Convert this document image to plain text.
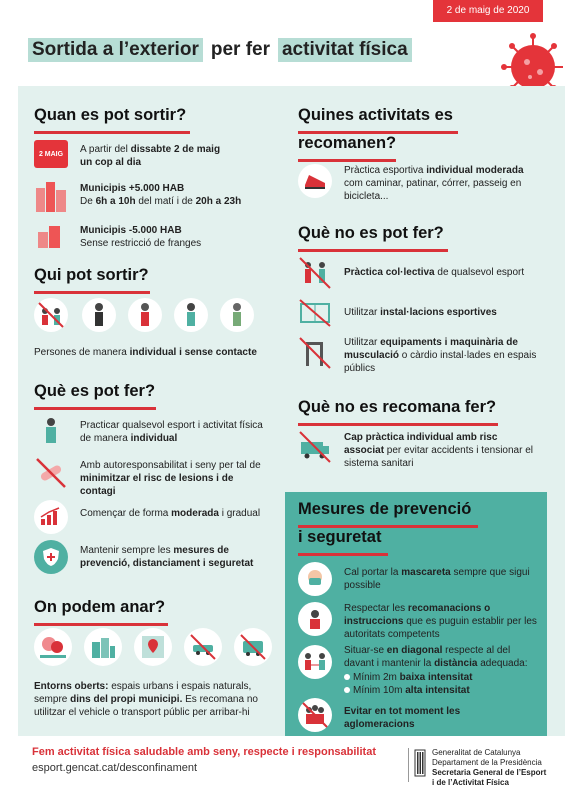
2 de maig de 2020
Sortida a l’exterior per fer activitat física
Quan es pot sortir?
2 MAIG A partir del dissabte 2 de maig
un cop al dia
Municipis +5.000 HAB
De 6h a 10h del matí i de 20h a 23h
Municipis -5.000 HAB
Sense restricció de franges
Qui pot sortir?
Persones de manera individual i sense contacte
Què es pot fer?
Practicar qualsevol esport i activitat física de manera individual
Amb autoresponsabilitat i seny per tal de minimitzar el risc de lesions i de contagi
Començar de forma moderada i gradual
Mantenir sempre les mesures de prevenció, distanciament i seguretat
On podem anar?
Entorns oberts: espais urbans i espais naturals, sempre dins del propi municipi. Es recomana no utilitzar el vehicle o transport públic per arribar-hi
Quines activitats es
recomanen?
Pràctica esportiva individual moderada com caminar, patinar, córrer, passeig en bicicleta...
Què no es pot fer?
Pràctica col·lectiva de qualsevol esport
Utilitzar instal·lacions esportives
Utilitzar equipaments i maquinària de musculació o càrdio instal·lades en espais públics
Què no es recomana fer?
Cap pràctica individual amb risc associat per evitar accidents i tensionar el sistema sanitari
Mesures de prevenció
i seguretat
Cal portar la mascareta sempre que sigui possible
Respectar les recomanacions o instruccions que es puguin establir per les autoritats competents
Situar-se en diagonal respecte al del davant i mantenir la distància adequada:
Mínim 2m baixa intensitat
Mínim 10m alta intensitat
Evitar en tot moment les aglomeracions
Fem activitat física saludable amb seny, respecte i responsabilitat
esport.gencat.cat/desconfinament
Generalitat de Catalunya
Departament de la Presidència
Secretaria General de l’Esport
i de l’Activitat Física
